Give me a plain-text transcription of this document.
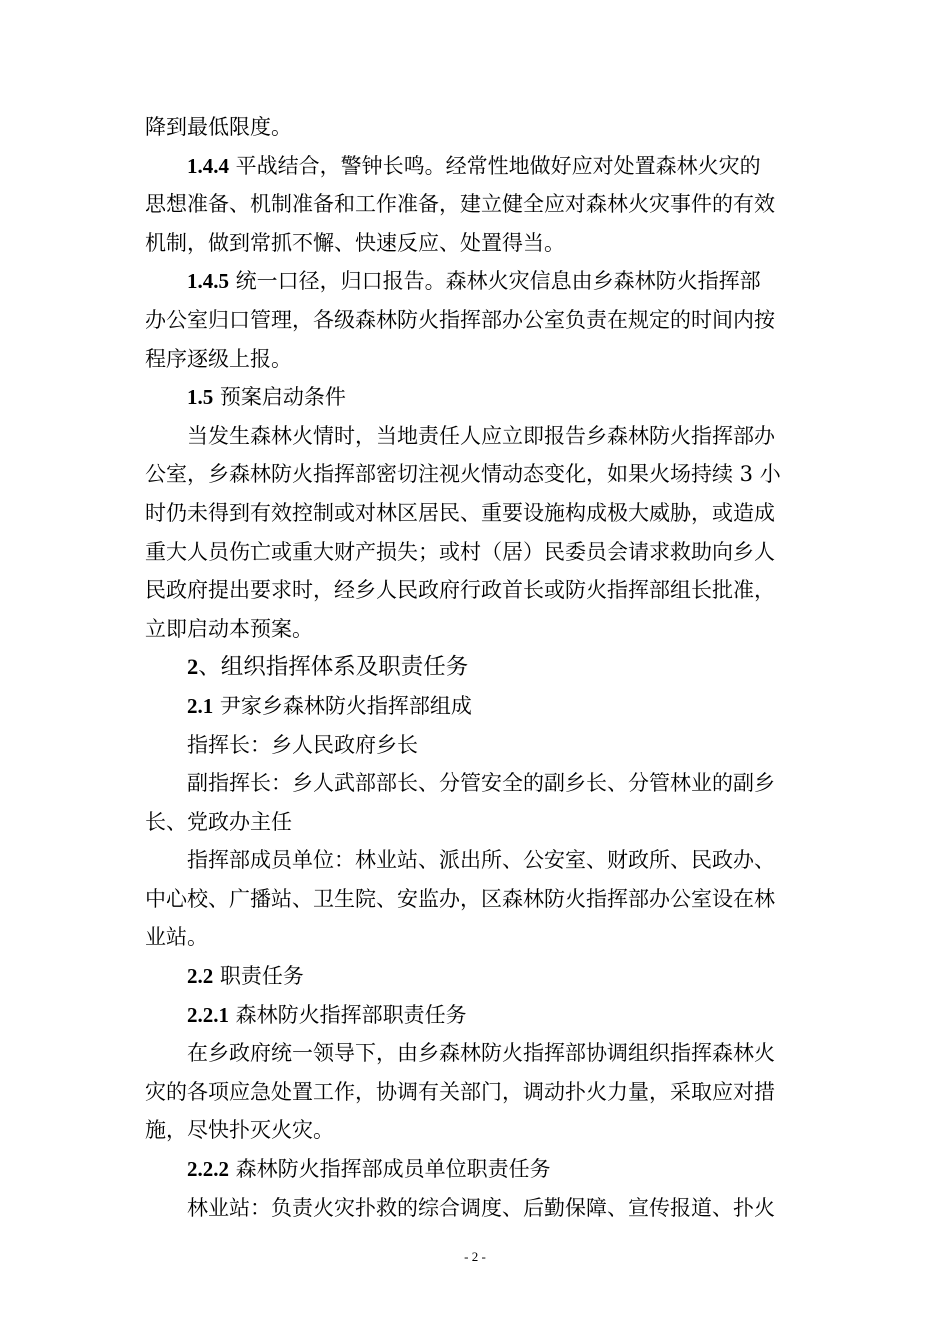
降到最低限度。
1.4.4 平战结合，警钟长鸣。经常性地做好应对处置森林火灾的
思想准备、机制准备和工作准备，建立健全应对森林火灾事件的有效
机制，做到常抓不懈、快速反应、处置得当。
1.4.5 统一口径，归口报告。森林火灾信息由乡森林防火指挥部
办公室归口管理，各级森林防火指挥部办公室负责在规定的时间内按
程序逐级上报。
1.5 预案启动条件
当发生森林火情时，当地责任人应立即报告乡森林防火指挥部办
公室，乡森林防火指挥部密切注视火情动态变化，如果火场持续 3 小
时仍未得到有效控制或对林区居民、重要设施构成极大威胁，或造成
重大人员伤亡或重大财产损失；或村（居）民委员会请求救助向乡人
民政府提出要求时，经乡人民政府行政首长或防火指挥部组长批准，
立即启动本预案。
2、组织指挥体系及职责任务
2.1 尹家乡森林防火指挥部组成
指挥长：乡人民政府乡长
副指挥长：乡人武部部长、分管安全的副乡长、分管林业的副乡
长、党政办主任
指挥部成员单位：林业站、派出所、公安室、财政所、民政办、
中心校、广播站、卫生院、安监办，区森林防火指挥部办公室设在林
业站。
2.2 职责任务
2.2.1 森林防火指挥部职责任务
在乡政府统一领导下，由乡森林防火指挥部协调组织指挥森林火
灾的各项应急处置工作，协调有关部门，调动扑火力量，采取应对措
施，尽快扑灭火灾。
2.2.2 森林防火指挥部成员单位职责任务
林业站：负责火灾扑救的综合调度、后勤保障、宣传报道、扑火
- 2 -
